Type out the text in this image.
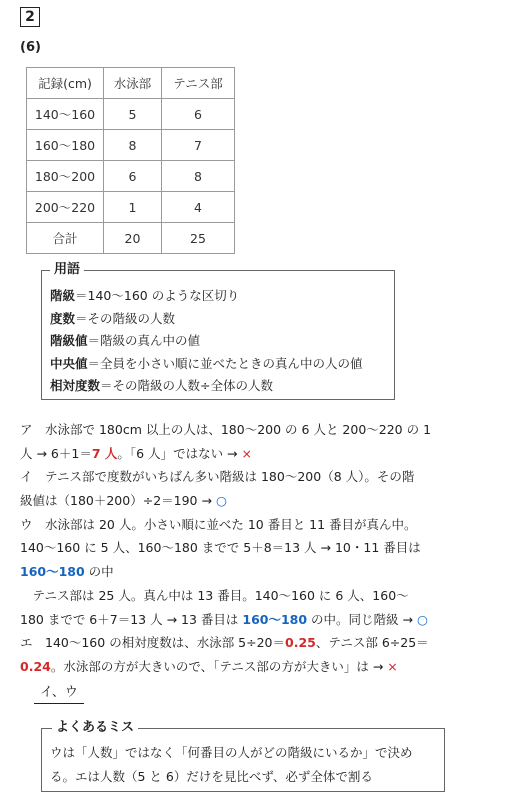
2
(6)
記録(cm)	水泳部	テニス部
140〜160	5	6
160〜180	8	7
180〜200	6	8
200〜220	1	4
合計	20	25
用語
階級＝140〜160 のような区切り
度数＝その階級の人数
階級値＝階級の真ん中の値
中央値＝全員を小さい順に並べたときの真ん中の人の値
相対度数＝その階級の人数÷全体の人数
ア　水泳部で 180cm 以上の人は、180〜200 の 6 人と 200〜220 の 1
人 → 6＋1＝7 人。「6 人」ではない → ×
イ　テニス部で度数がいちばん多い階級は 180〜200（8 人）。その階
級値は（180＋200）÷2＝190 → ○
ウ　水泳部は 20 人。小さい順に並べた 10 番目と 11 番目が真ん中。
140〜160 に 5 人、160〜180 までで 5＋8＝13 人 → 10・11 番目は
160〜180 の中
　テニス部は 25 人。真ん中は 13 番目。140〜160 に 6 人、160〜
180 までで 6＋7＝13 人 → 13 番目は 160〜180 の中。同じ階級 → ○
エ　140〜160 の相対度数は、水泳部 5÷20＝0.25、テニス部 6÷25＝
0.24。水泳部の方が大きいので、「テニス部の方が大きい」は → ×
イ、ウ
よくあるミス
ウは「人数」ではなく「何番目の人がどの階級にいるか」で決め
る。エは人数（5 と 6）だけを見比べず、必ず全体で割る
